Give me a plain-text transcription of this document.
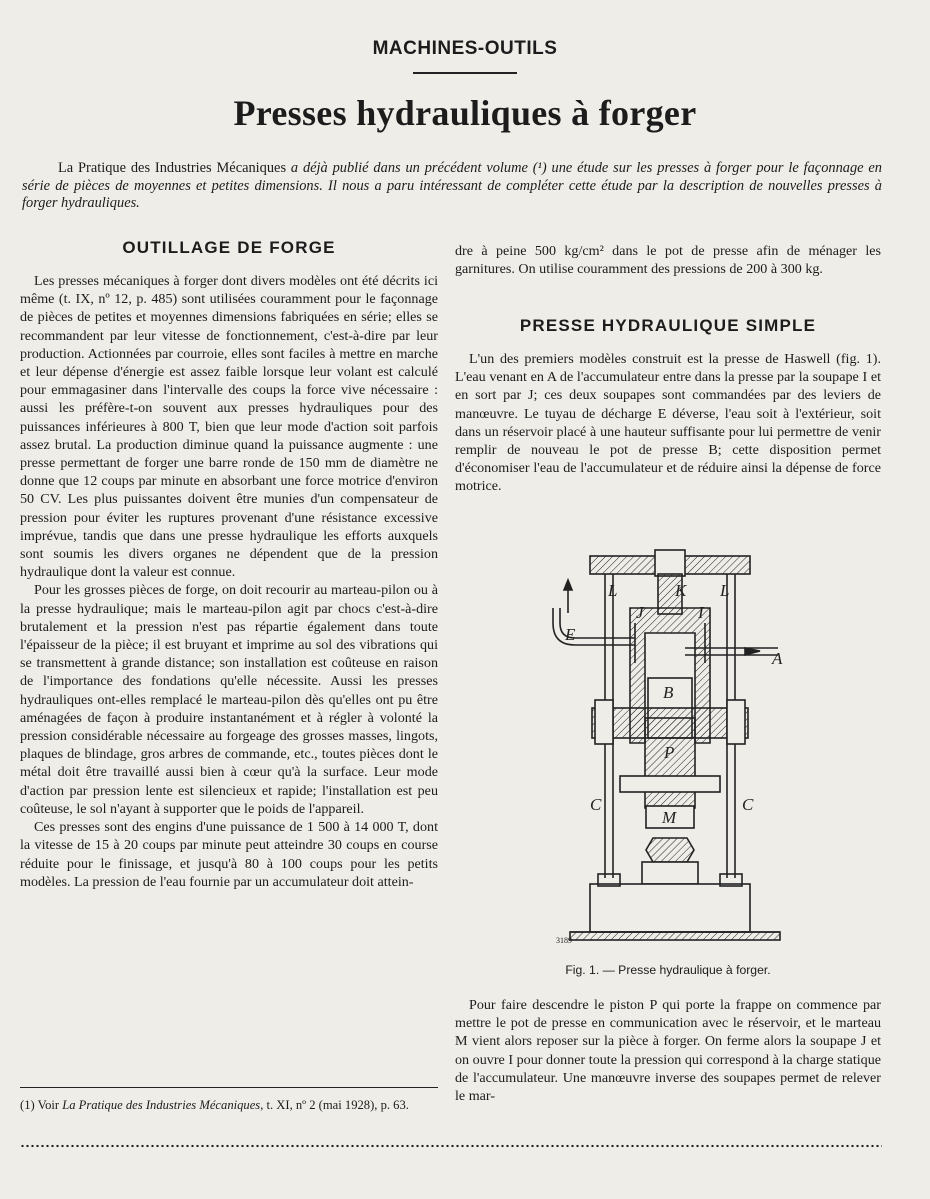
MACHINES-OUTILS
Presses hydrauliques à forger
La Pratique des Industries Mécaniques a déjà publié dans un précédent volume (¹) une étude sur les presses à forger pour le façonnage en série de pièces de moyennes et petites dimensions. Il nous a paru intéressant de compléter cette étude par la description de nouvelles presses à forger hydrauliques.
OUTILLAGE DE FORGE

Les presses mécaniques à forger dont divers modèles ont été décrits ici même (t. IX, nº 12, p. 485) sont utilisées couramment pour le façonnage de pièces de petites et moyennes dimensions fabriquées en série; elles se recommandent par leur vitesse de fonctionnement, c'est-à-dire par leur production. Actionnées par courroie, elles sont faciles à mettre en marche et leur dépense d'énergie est assez faible lorsque leur volant est calculé pour emmagasiner dans l'intervalle des coups la force vive nécessaire : aussi les préfère-t-on souvent aux presses hydrauliques pour des puissances inférieures à 800 T, bien que leur mode d'action soit parfois assez brutal. La production diminue quand la puissance augmente : une presse permettant de forger une barre ronde de 150 mm de diamètre ne donne que 12 coups par minute en absorbant une force motrice d'environ 50 CV. Les plus puissantes doivent être munies d'un compensateur de pression pour éviter les ruptures provenant d'une résistance excessive imprévue, tandis que dans une presse hydraulique les efforts auxquels sont soumis les divers organes ne dépendent que de la pression hydraulique dont la valeur est connue.

Pour les grosses pièces de forge, on doit recourir au marteau-pilon ou à la presse hydraulique; mais le marteau-pilon agit par chocs c'est-à-dire brutalement et la pression n'est pas répartie également dans toute l'épaisseur de la pièce; il est bruyant et imprime au sol des vibrations qui se transmettent à grande distance; son installation est coûteuse en raison de l'importance des fondations qu'elle nécessite. Aussi les presses hydrauliques ont-elles remplacé le marteau-pilon dès qu'elles ont pu être aménagées de façon à produire instantanément et à régler à volonté la pression considérable nécessaire au forgeage des grosses masses, lingots, plaques de blindage, gros arbres de commande, etc., toutes pièces dont le métal doit être travaillé aussi bien à cœur qu'à la surface. Leur mode d'action par pression lente est silencieux et rapide; l'installation est peu coûteuse, le sol n'ayant à supporter que le poids de l'appareil.

Ces presses sont des engins d'une puissance de 1 500 à 14 000 T, dont la vitesse de 15 à 20 coups par minute peut atteindre 30 coups en course réduite pour le finissage, et jusqu'à 80 à 100 coups pour les petits modèles. La pression de l'eau fournie par un accumulateur doit attein-

(1) Voir La Pratique des Industries Mécaniques, t. XI, nº 2 (mai 1928), p. 63.

dre à peine 500 kg/cm² dans le pot de presse afin de ménager les garnitures. On utilise couramment des pressions de 200 à 300 kg.

PRESSE HYDRAULIQUE SIMPLE

L'un des premiers modèles construit est la presse de Haswell (fig. 1). L'eau venant en A de l'accumulateur entre dans la presse par la soupape I et en sort par J; ces deux soupapes sont commandées par des leviers de manœuvre. Le tuyau de décharge E déverse, l'eau soit à l'extérieur, soit dans un réservoir placé à une hauteur suffisante pour lui permettre de venir remplir de nouveau le pot de presse B; cette disposition permet d'économiser l'eau de l'accumulateur et de réduire ainsi la dépense de force motrice.

L	K L
J	I
E
A
B
P
C	C
M
3189
Fig. 1. — Presse hydraulique à forger.

Pour faire descendre le piston P qui porte la frappe on commence par mettre le pot de presse en communication avec le réservoir, et le marteau M vient alors reposer sur la pièce à forger. On ferme alors la soupape J et on ouvre I pour donner toute la pression qui correspond à la charge statique de l'accumulateur. Une manœuvre inverse des soupapes permet de relever le mar-
